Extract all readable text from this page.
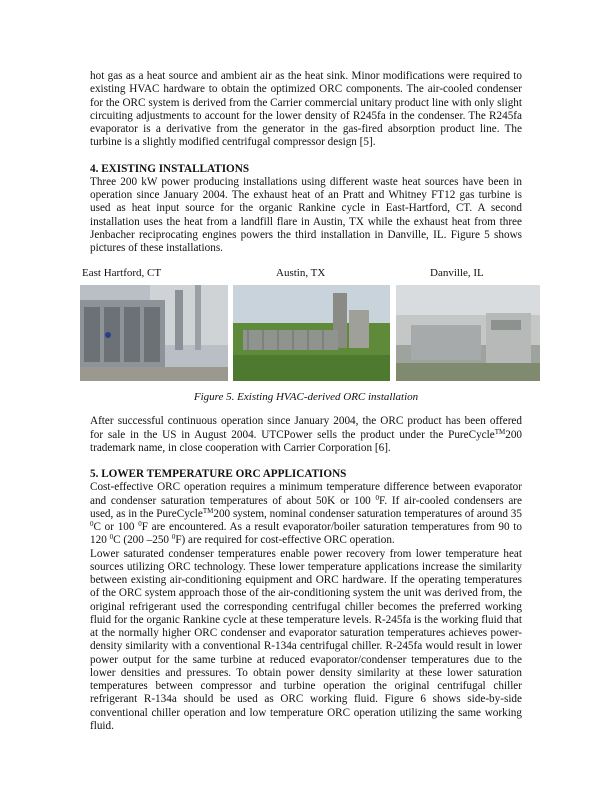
hot gas as a heat source and ambient air as the heat sink. Minor modifications were required to existing HVAC hardware to obtain the optimized ORC components. The air-cooled condenser for the ORC system is derived from the Carrier commercial unitary product line with only slight circuiting adjustments to account for the lower density of R245fa in the condenser. The R245fa evaporator is a derivative from the generator in the gas-fired absorption product line. The turbine is a slightly modified centrifugal compressor design [5].

4. EXISTING INSTALLATIONS

Three 200 kW power producing installations using different waste heat sources have been in operation since January 2004. The exhaust heat of an Pratt and Whitney FT12 gas turbine is used as heat input source for the organic Rankine cycle in East-Hartford, CT. A second installation uses the heat from a landfill flare in Austin, TX while the exhaust heat from three Jenbacher reciprocating engines powers the third installation in Danville, IL. Figure 5 shows pictures of these installations.

East Hartford, CT	Austin, TX	Danville, IL
Figure 5. Existing HVAC-derived ORC installation

After successful continuous operation since January 2004, the ORC product has been offered for sale in the US in August 2004. UTCPower sells the product under the PureCycle™200 trademark name, in close cooperation with Carrier Corporation [6].

5. LOWER TEMPERATURE ORC APPLICATIONS

Cost-effective ORC operation requires a minimum temperature difference between evaporator and condenser saturation temperatures of about 50K or 100 $^0$F. If air-cooled condensers are used, as in the PureCycle™200 system, nominal condenser saturation temperatures of around 35 $^0$C or 100 $^0$F are encountered. As a result evaporator/boiler saturation temperatures from 90 to 120 $^0$C (200 –250 $^0$F) are required for cost-effective ORC operation.

Lower saturated condenser temperatures enable power recovery from lower temperature heat sources utilizing ORC technology. These lower temperature applications increase the similarity between existing air-conditioning equipment and ORC hardware. If the operating temperatures of the ORC system approach those of the air-conditioning system the unit was derived from, the original refrigerant used the corresponding centrifugal chiller becomes the preferred working fluid for the organic Rankine cycle at these temperature levels. R-245fa is the working fluid that at the normally higher ORC condenser and evaporator saturation temperatures achieves power-density similarity with a conventional R-134a centrifugal chiller. R-245fa would result in lower power output for the same turbine at reduced evaporator/condenser temperatures due to the lower densities and pressures. To obtain power density similarity at these lower saturation temperatures between compressor and turbine operation the original centrifugal chiller refrigerant R-134a should be used as ORC working fluid. Figure 6 shows side-by-side conventional chiller operation and low temperature ORC operation utilizing the same working fluid.
